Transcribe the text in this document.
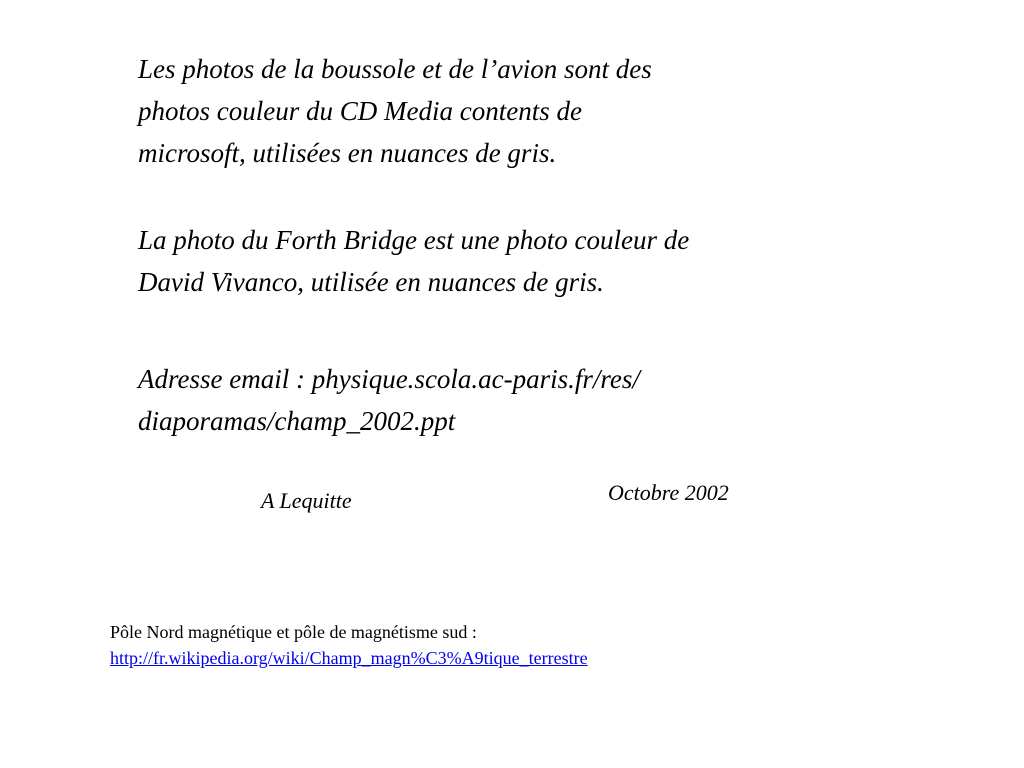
Les photos de la boussole et de l’avion sont des
photos couleur du CD Media contents de
microsoft, utilisées en nuances de gris.
La photo du Forth Bridge est une photo couleur de
David Vivanco, utilisée en nuances de gris.
Adresse email : physique.scola.ac-paris.fr/res/
diaporamas/champ_2002.ppt
A Lequitte	Octobre 2002
Pôle Nord magnétique et pôle de magnétisme sud :
http://fr.wikipedia.org/wiki/Champ_magn%C3%A9tique_terrestre
